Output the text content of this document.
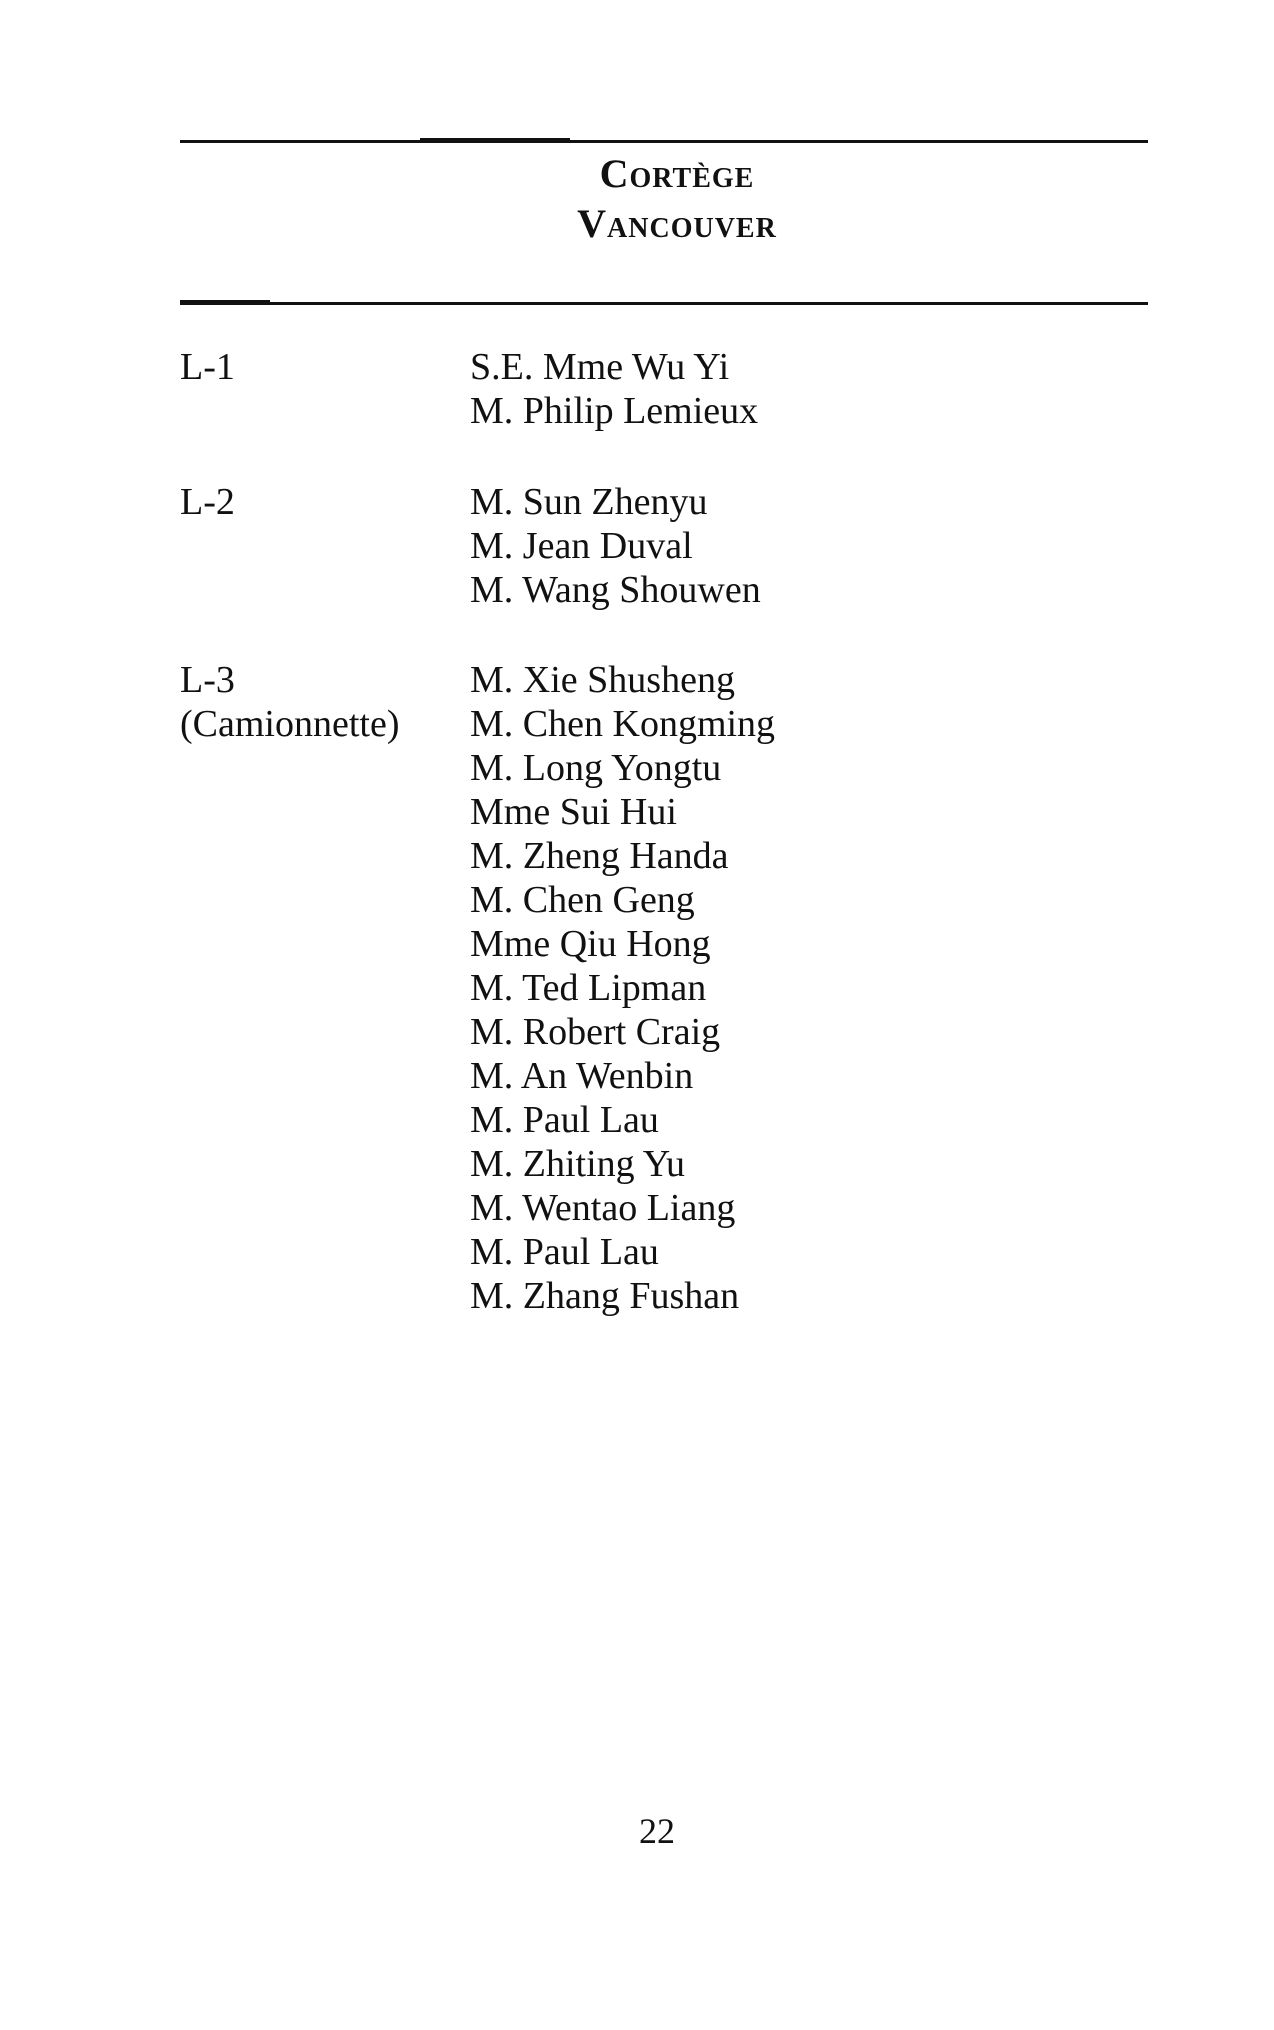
Cortège
Vancouver
L-1	S.E. Mme Wu Yi
M. Philip Lemieux
L-2	M. Sun Zhenyu
M. Jean Duval
M. Wang Shouwen
L-3
(Camionnette)
M. Xie Shusheng
M. Chen Kongming
M. Long Yongtu
Mme Sui Hui
M. Zheng Handa
M. Chen Geng
Mme Qiu Hong
M. Ted Lipman
M. Robert Craig
M. An Wenbin
M. Paul Lau
M. Zhiting Yu
M. Wentao Liang
M. Paul Lau
M. Zhang Fushan
22
